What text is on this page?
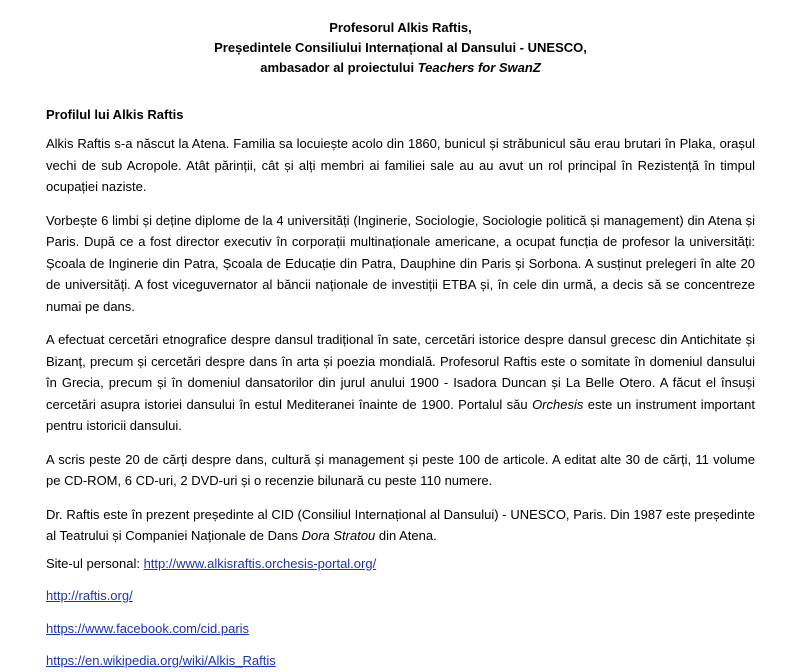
Profesorul Alkis Raftis,
Președintele Consiliului Internațional al Dansului - UNESCO,
ambasador al proiectului Teachers for SwanZ
Profilul lui Alkis Raftis

Alkis Raftis s-a născut la Atena. Familia sa locuiește acolo din 1860, bunicul și străbunicul său erau brutari în Plaka, orașul vechi de sub Acropole. Atât părinții, cât și alți membri ai familiei sale au au avut un rol principal în Rezistență în timpul ocupației naziste.

Vorbește 6 limbi și deține diplome de la 4 universități (Inginerie, Sociologie, Sociologie politică și management) din Atena și Paris. După ce a fost director executiv în corporații multinaționale americane, a ocupat funcția de profesor la universități: Școala de Inginerie din Patra, Școala de Educație din Patra, Dauphine din Paris și Sorbona. A susținut prelegeri în alte 20 de universități. A fost viceguvernator al băncii naționale de investiții ETBA și, în cele din urmă, a decis să se concentreze numai pe dans.

A efectuat cercetări etnografice despre dansul tradițional în sate, cercetări istorice despre dansul grecesc din Antichitate și Bizanț, precum și cercetări despre dans în arta și poezia mondială. Profesorul Raftis este o somitate în domeniul dansului în Grecia, precum și în domeniul dansatorilor din jurul anului 1900 - Isadora Duncan și La Belle Otero. A făcut el însuși cercetări asupra istoriei dansului în estul Mediteranei înainte de 1900. Portalul său Orchesis este un instrument important pentru istoricii dansului.

A scris peste 20 de cărți despre dans, cultură și management și peste 100 de articole. A editat alte 30 de cărți, 11 volume pe CD-ROM, 6 CD-uri, 2 DVD-uri și o recenzie bilunară cu peste 110 numere.

Dr. Raftis este în prezent președinte al CID (Consiliul Internațional al Dansului) - UNESCO, Paris. Din 1987 este președinte al Teatrului și Companiei Naționale de Dans Dora Stratou din Atena.

Site-ul personal: http://www.alkisraftis.orchesis-portal.org/

http://raftis.org/

https://www.facebook.com/cid.paris

https://en.wikipedia.org/wiki/Alkis_Raftis
